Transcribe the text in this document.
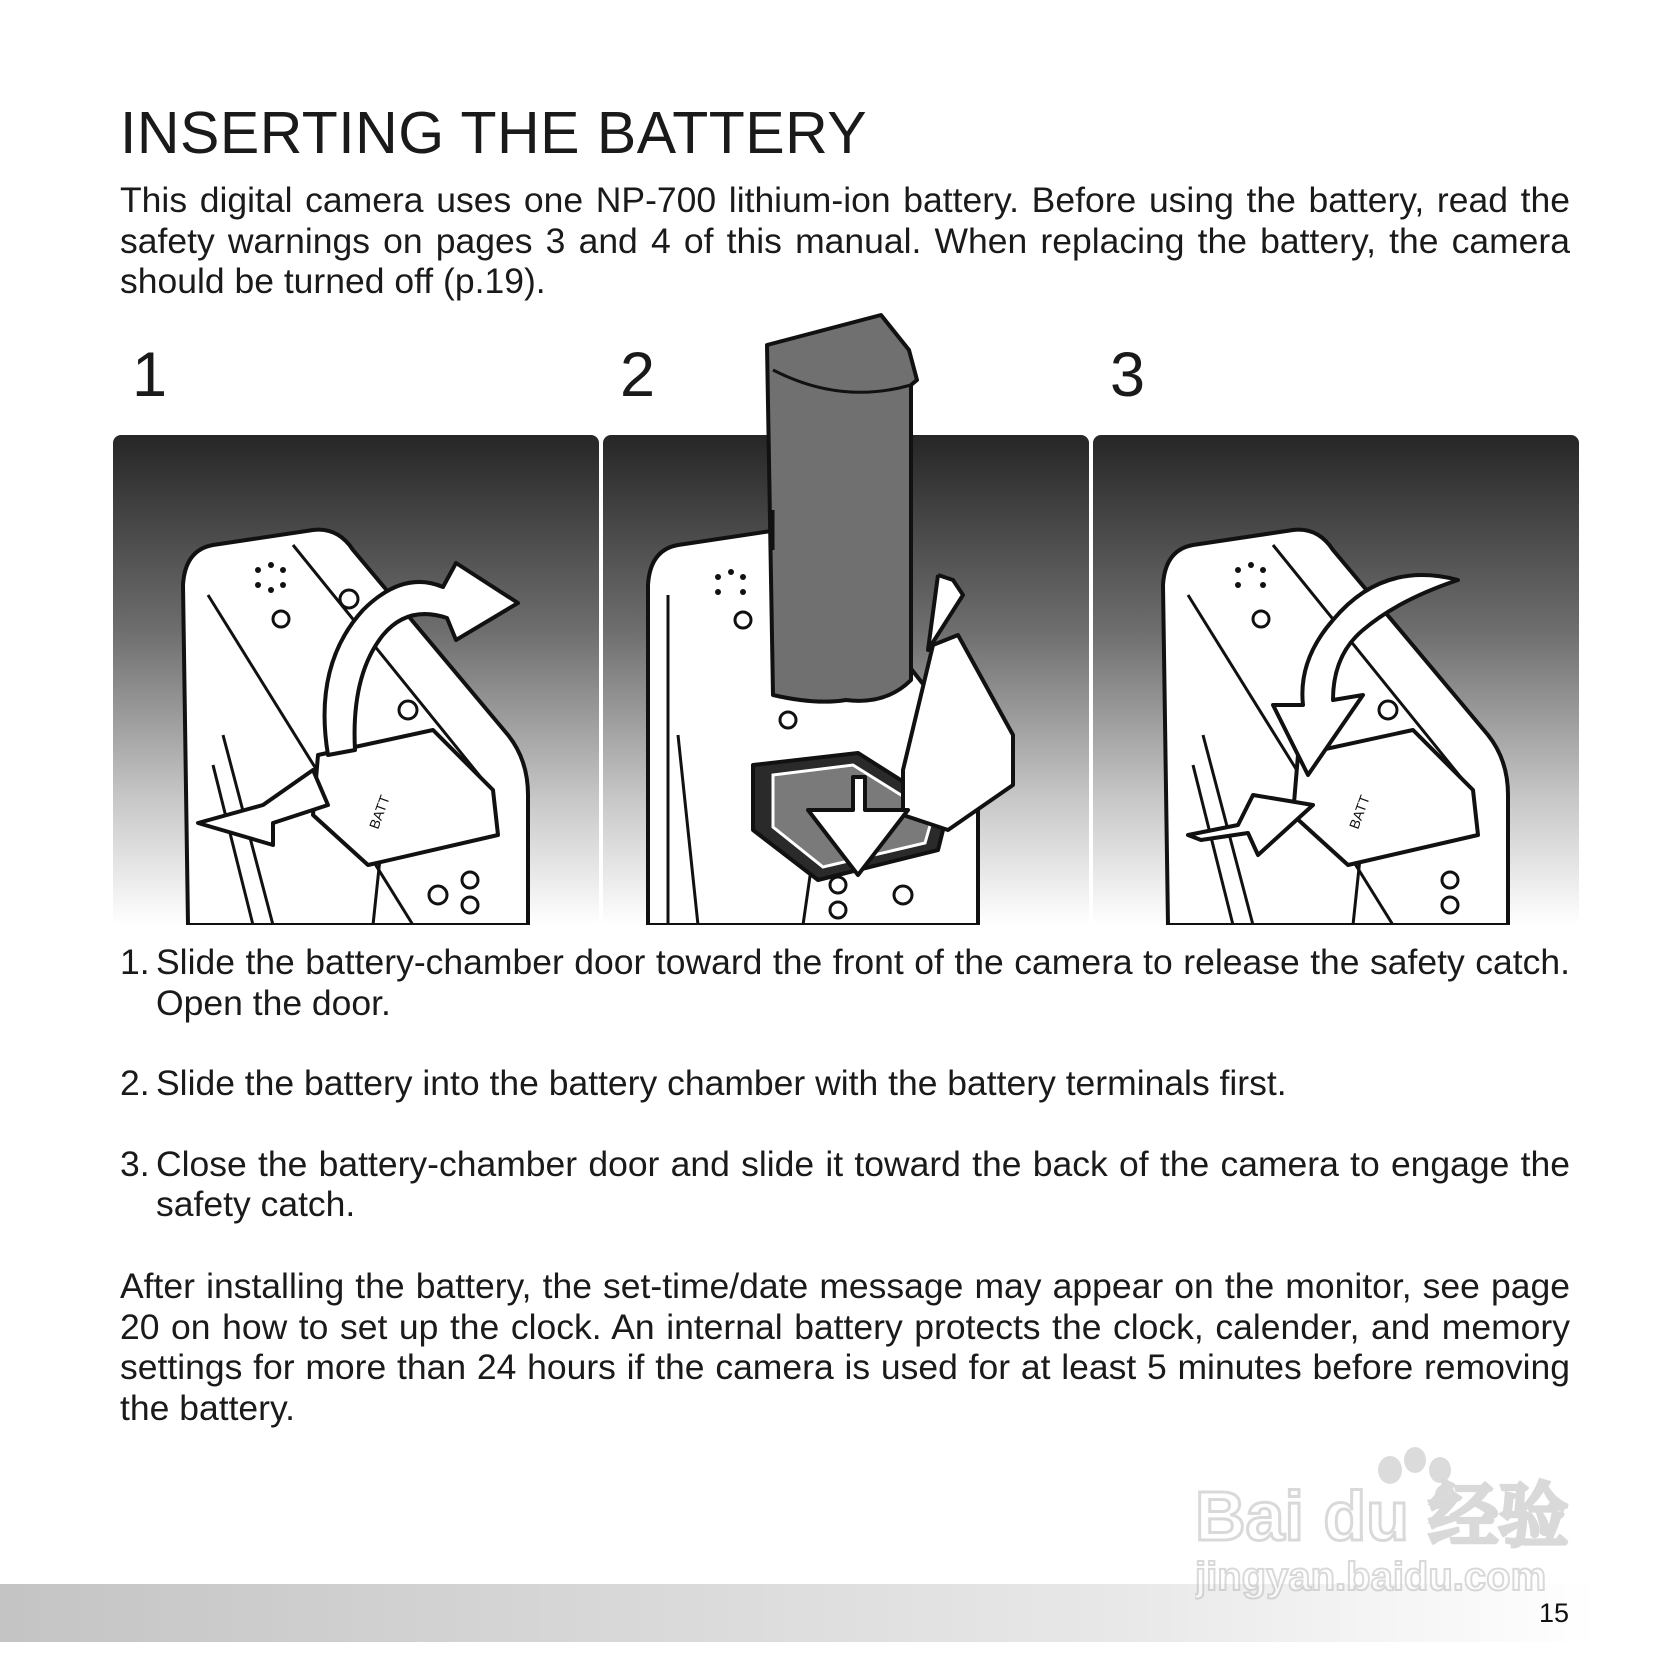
INSERTING THE BATTERY

This digital camera uses one NP-700 lithium-ion battery. Before using the battery, read the safety warnings on pages 3 and 4 of this manual. When replacing the battery, the camera should be turned off (p.19).

1	2	3
BATT	BATT
1. Slide the battery-chamber door toward the front of the camera to release the safety catch. Open the door.
2. Slide the battery into the battery chamber with the battery terminals first.
3. Close the battery-chamber door and slide it toward the back of the camera to engage the safety catch.

After installing the battery, the set-time/date message may appear on the monitor, see page 20 on how to set up the clock. An internal battery protects the clock, calender, and memory settings for more than 24 hours if the camera is used for at least 5 minutes before removing the battery.

15
Bai du 经验
jingyan.baidu.com
